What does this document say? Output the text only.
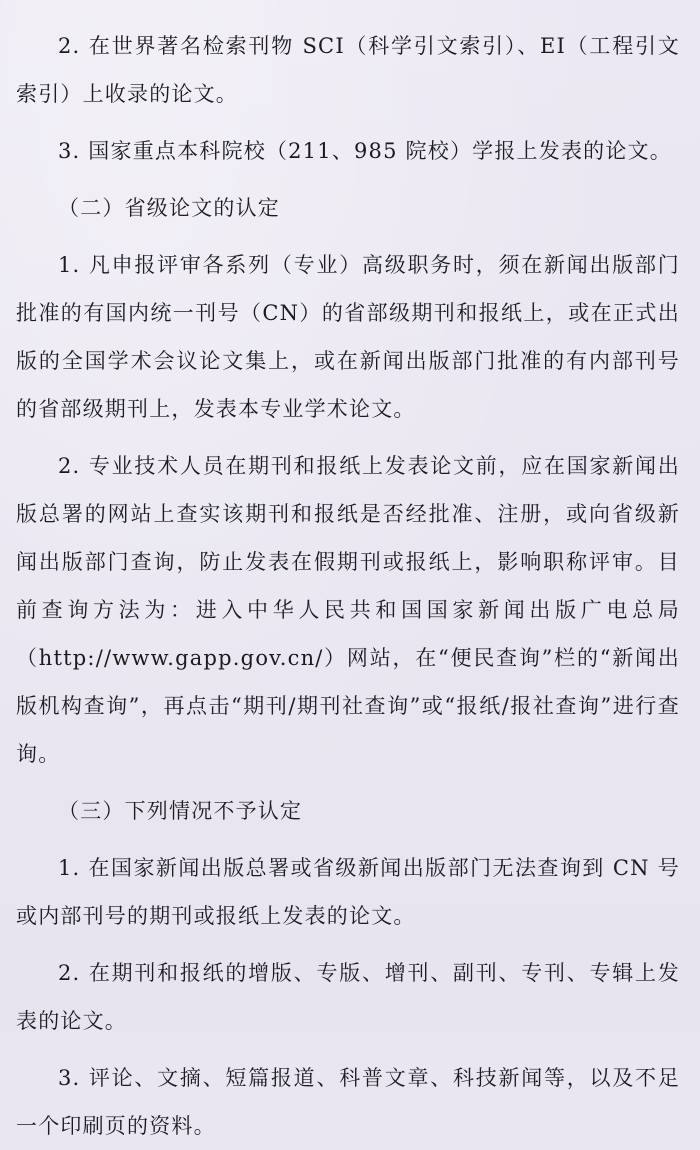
2. 在世界著名检索刊物 SCI（科学引文索引）、EI（工程引文索引）上收录的论文。

3. 国家重点本科院校（211、985 院校）学报上发表的论文。

（二）省级论文的认定

1. 凡申报评审各系列（专业）高级职务时，须在新闻出版部门批准的有国内统一刊号（CN）的省部级期刊和报纸上，或在正式出版的全国学术会议论文集上，或在新闻出版部门批准的有内部刊号的省部级期刊上，发表本专业学术论文。

2. 专业技术人员在期刊和报纸上发表论文前，应在国家新闻出版总署的网站上查实该期刊和报纸是否经批准、注册，或向省级新闻出版部门查询，防止发表在假期刊或报纸上，影响职称评审。目前查询方法为：进入中华人民共和国国家新闻出版广电总局（http://www.gapp.gov.cn/）网站，在“便民查询”栏的“新闻出版机构查询”，再点击“期刊/期刊社查询”或“报纸/报社查询”进行查询。

（三）下列情况不予认定

1. 在国家新闻出版总署或省级新闻出版部门无法查询到 CN 号或内部刊号的期刊或报纸上发表的论文。

2. 在期刊和报纸的增版、专版、增刊、副刊、专刊、专辑上发表的论文。

3. 评论、文摘、短篇报道、科普文章、科技新闻等，以及不足一个印刷页的资料。
